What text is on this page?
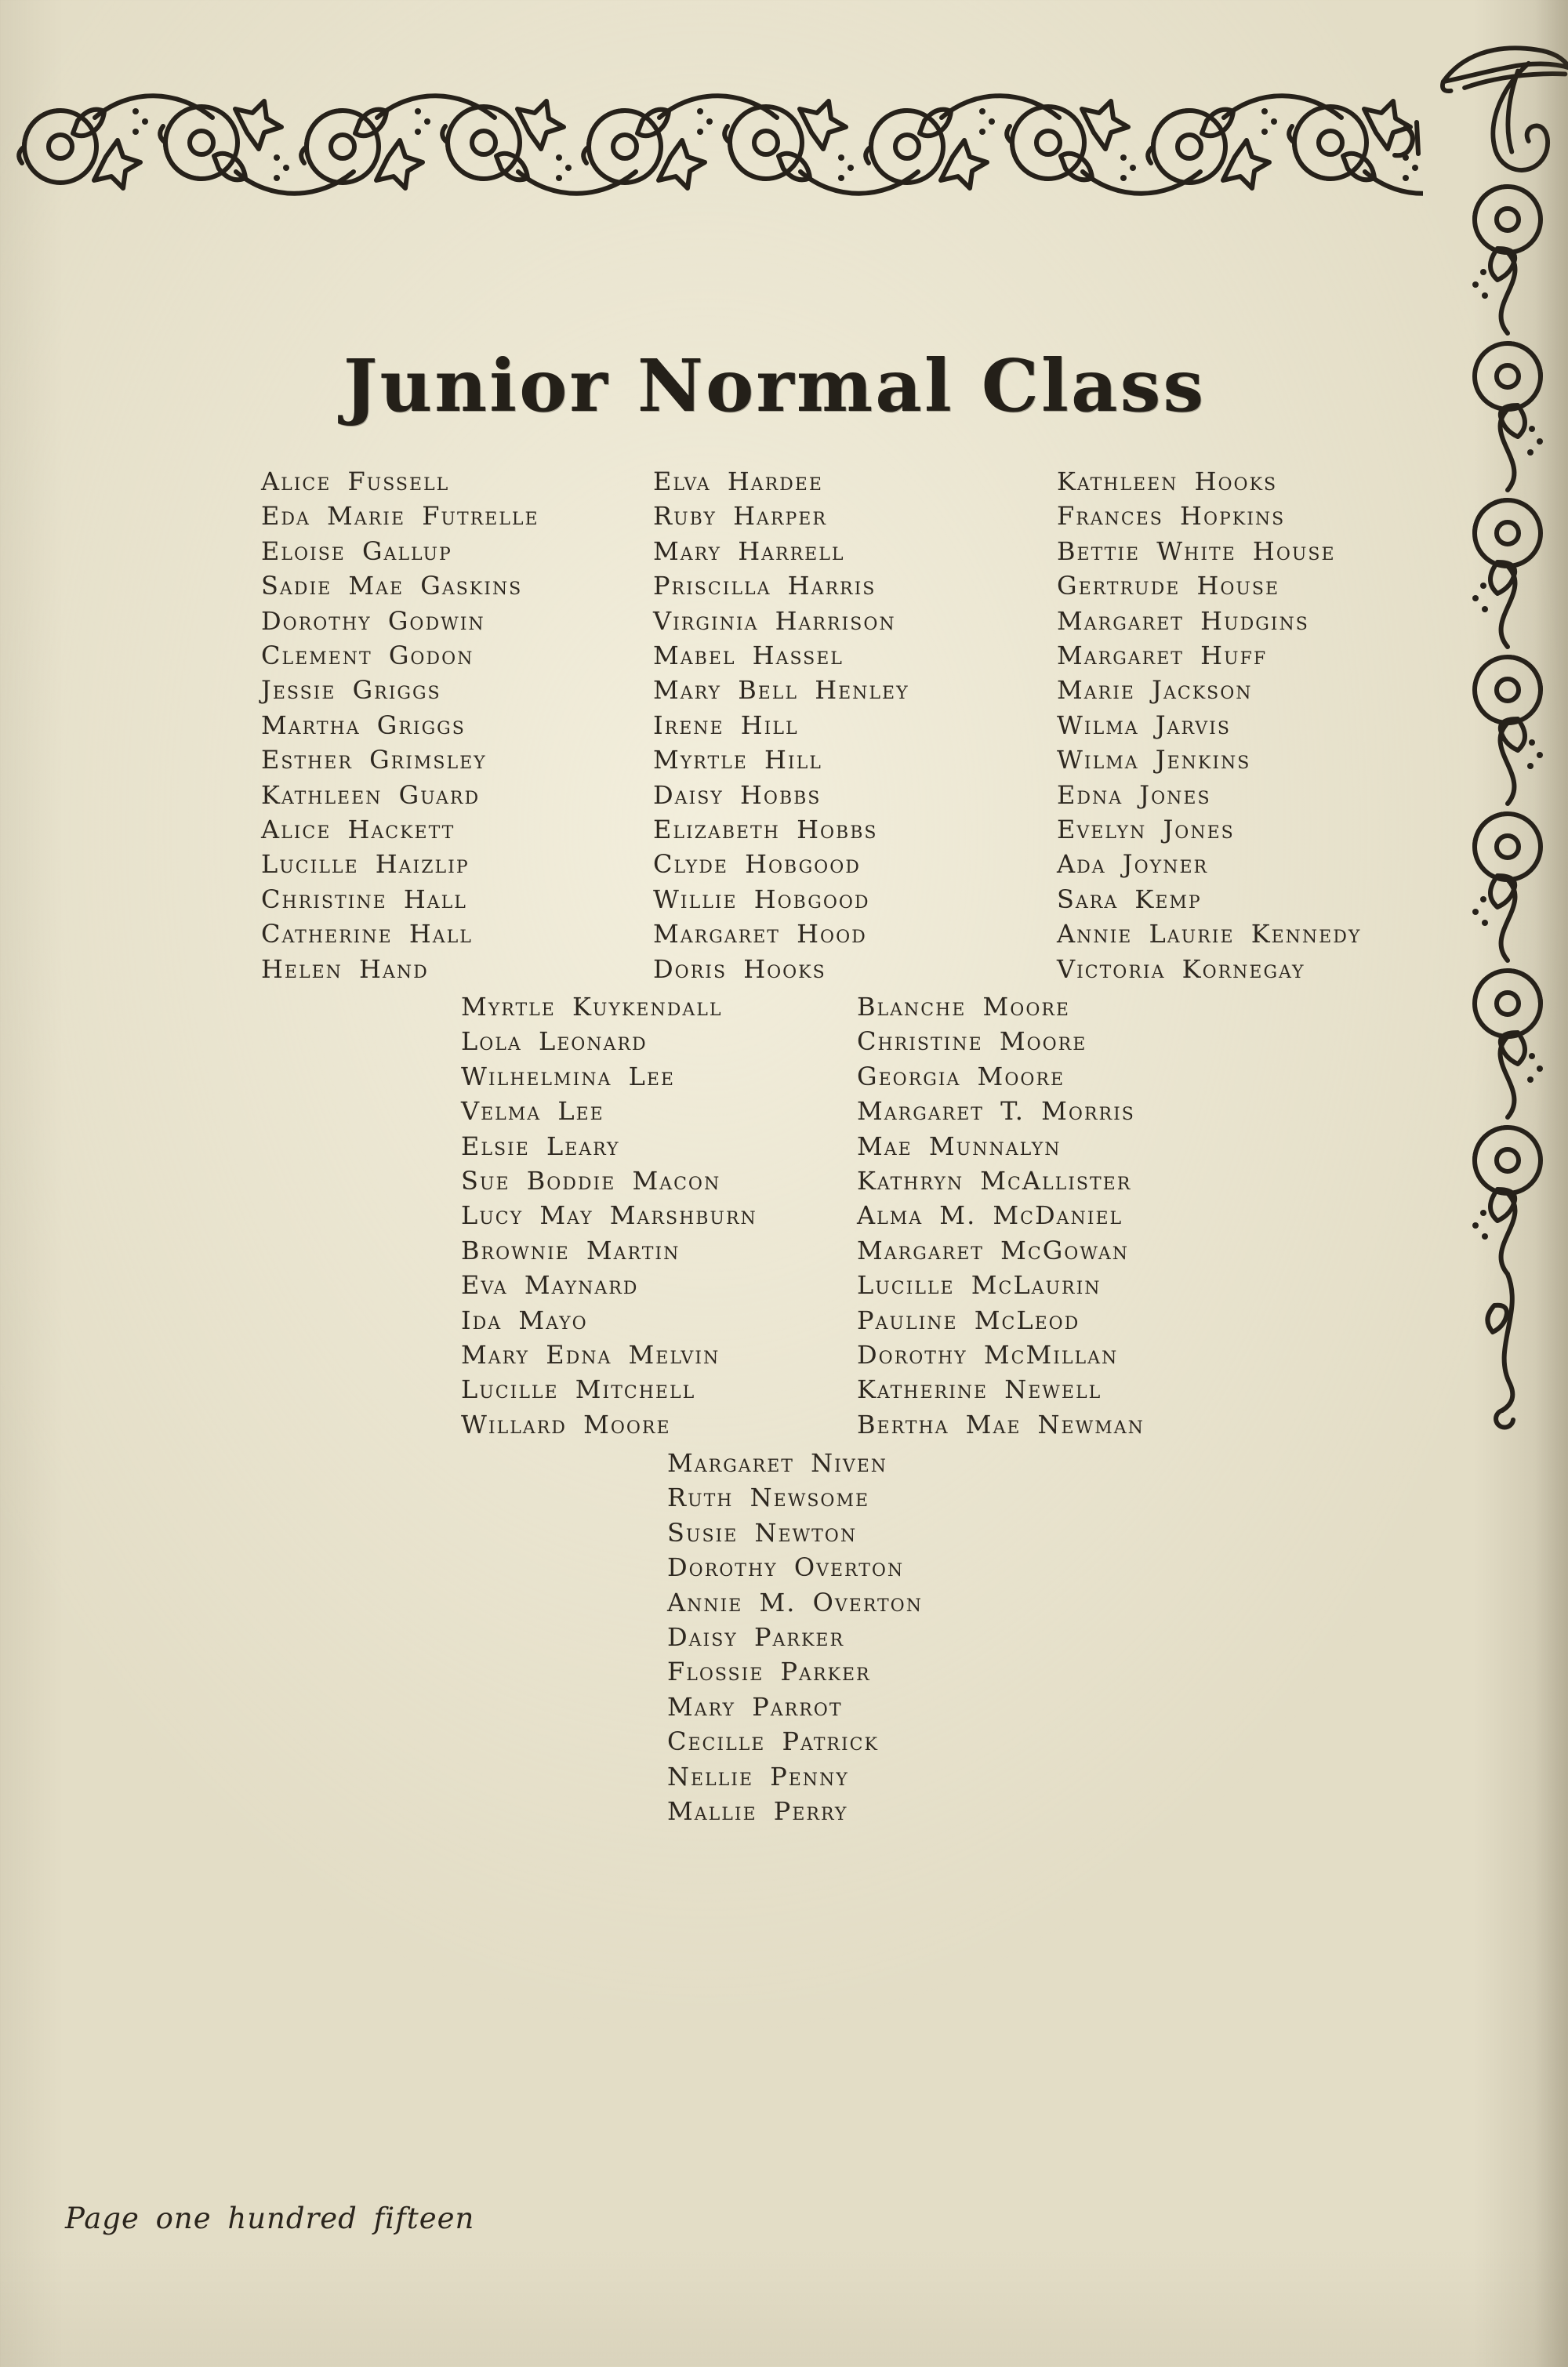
Junior Normal Class
Alice Fussell
Eda Marie Futrelle
Eloise Gallup
Sadie Mae Gaskins
Dorothy Godwin
Clement Godon
Jessie Griggs
Martha Griggs
Esther Grimsley
Kathleen Guard
Alice Hackett
Lucille Haizlip
Christine Hall
Catherine Hall
Helen Hand
Elva Hardee
Ruby Harper
Mary Harrell
Priscilla Harris
Virginia Harrison
Mabel Hassel
Mary Bell Henley
Irene Hill
Myrtle Hill
Daisy Hobbs
Elizabeth Hobbs
Clyde Hobgood
Willie Hobgood
Margaret Hood
Doris Hooks
Kathleen Hooks
Frances Hopkins
Bettie White House
Gertrude House
Margaret Hudgins
Margaret Huff
Marie Jackson
Wilma Jarvis
Wilma Jenkins
Edna Jones
Evelyn Jones
Ada Joyner
Sara Kemp
Annie Laurie Kennedy
Victoria Kornegay
Myrtle Kuykendall
Lola Leonard
Wilhelmina Lee
Velma Lee
Elsie Leary
Sue Boddie Macon
Lucy May Marshburn
Brownie Martin
Eva Maynard
Ida Mayo
Mary Edna Melvin
Lucille Mitchell
Willard Moore
Blanche Moore
Christine Moore
Georgia Moore
Margaret T. Morris
Mae Munnalyn
Kathryn McAllister
Alma M. McDaniel
Margaret McGowan
Lucille McLaurin
Pauline McLeod
Dorothy McMillan
Katherine Newell
Bertha Mae Newman
Margaret Niven
Ruth Newsome
Susie Newton
Dorothy Overton
Annie M. Overton
Daisy Parker
Flossie Parker
Mary Parrot
Cecille Patrick
Nellie Penny
Mallie Perry
Page one hundred fifteen
